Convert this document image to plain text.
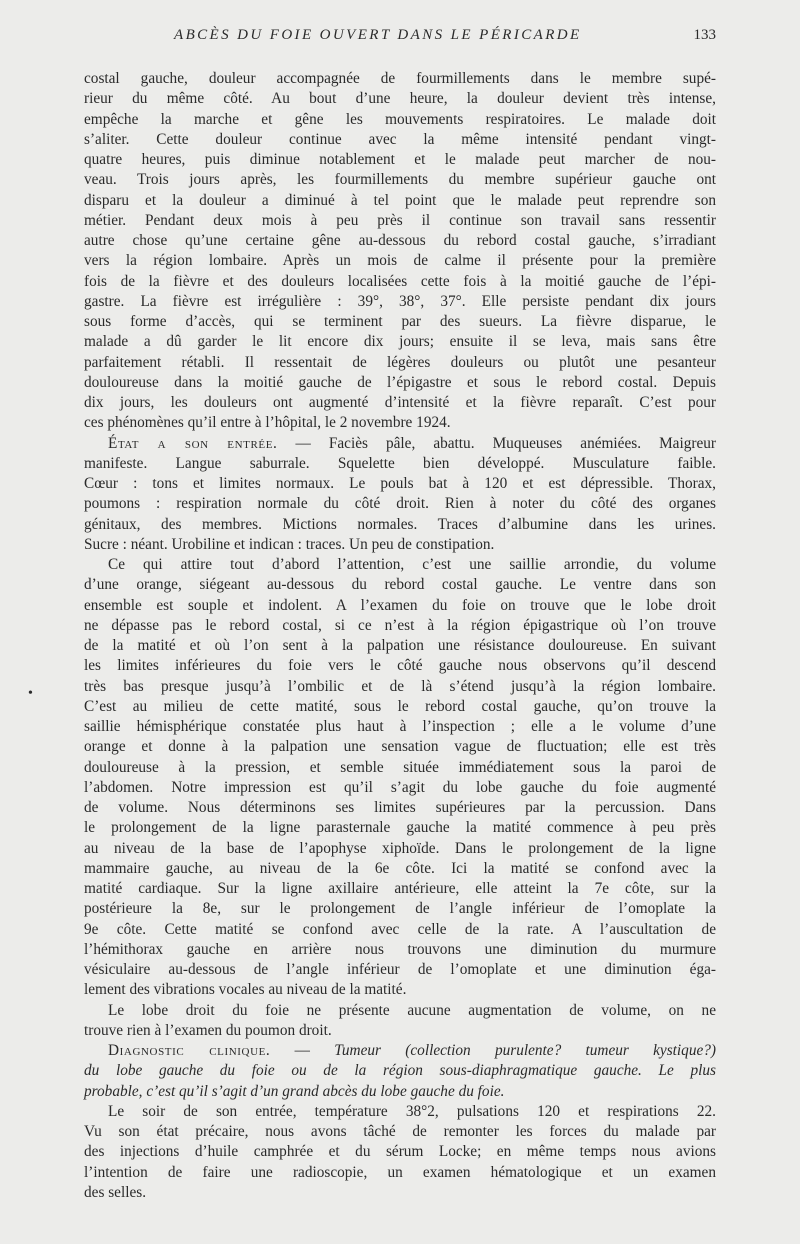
ABCÈS DU FOIE OUVERT DANS LE PÉRICARDE	133
•
costal gauche, douleur accompagnée de fourmillements dans le membre supé-
rieur du même côté. Au bout d’une heure, la douleur devient très intense,
empêche la marche et gêne les mouvements respiratoires. Le malade doit
s’aliter. Cette douleur continue avec la même intensité pendant vingt-
quatre heures, puis diminue notablement et le malade peut marcher de nou-
veau. Trois jours après, les fourmillements du membre supérieur gauche ont
disparu et la douleur a diminué à tel point que le malade peut reprendre son
métier. Pendant deux mois à peu près il continue son travail sans ressentir
autre chose qu’une certaine gêne au-dessous du rebord costal gauche, s’irradiant
vers la région lombaire. Après un mois de calme il présente pour la première
fois de la fièvre et des douleurs localisées cette fois à la moitié gauche de l’épi-
gastre. La fièvre est irrégulière : 39°, 38°, 37°. Elle persiste pendant dix jours
sous forme d’accès, qui se terminent par des sueurs. La fièvre disparue, le
malade a dû garder le lit encore dix jours; ensuite il se leva, mais sans être
parfaitement rétabli. Il ressentait de légères douleurs ou plutôt une pesanteur
douloureuse dans la moitié gauche de l’épigastre et sous le rebord costal. Depuis
dix jours, les douleurs ont augmenté d’intensité et la fièvre reparaît. C’est pour
ces phénomènes qu’il entre à l’hôpital, le 2 novembre 1924.
État a son entrée. — Faciès pâle, abattu. Muqueuses anémiées. Maigreur
manifeste. Langue saburrale. Squelette bien développé. Musculature faible.
Cœur : tons et limites normaux. Le pouls bat à 120 et est dépressible. Thorax,
poumons : respiration normale du côté droit. Rien à noter du côté des organes
génitaux, des membres. Mictions normales. Traces d’albumine dans les urines.
Sucre : néant. Urobiline et indican : traces. Un peu de constipation.
Ce qui attire tout d’abord l’attention, c’est une saillie arrondie, du volume
d’une orange, siégeant au-dessous du rebord costal gauche. Le ventre dans son
ensemble est souple et indolent. A l’examen du foie on trouve que le lobe droit
ne dépasse pas le rebord costal, si ce n’est à la région épigastrique où l’on trouve
de la matité et où l’on sent à la palpation une résistance douloureuse. En suivant
les limites inférieures du foie vers le côté gauche nous observons qu’il descend
très bas presque jusqu’à l’ombilic et de là s’étend jusqu’à la région lombaire.
C’est au milieu de cette matité, sous le rebord costal gauche, qu’on trouve la
saillie hémisphérique constatée plus haut à l’inspection ; elle a le volume d’une
orange et donne à la palpation une sensation vague de fluctuation; elle est très
douloureuse à la pression, et semble située immédiatement sous la paroi de
l’abdomen. Notre impression est qu’il s’agit du lobe gauche du foie augmenté
de volume. Nous déterminons ses limites supérieures par la percussion. Dans
le prolongement de la ligne parasternale gauche la matité commence à peu près
au niveau de la base de l’apophyse xiphoïde. Dans le prolongement de la ligne
mammaire gauche, au niveau de la 6e côte. Ici la matité se confond avec la
matité cardiaque. Sur la ligne axillaire antérieure, elle atteint la 7e côte, sur la
postérieure la 8e, sur le prolongement de l’angle inférieur de l’omoplate la
9e côte. Cette matité se confond avec celle de la rate. A l’auscultation de
l’hémithorax gauche en arrière nous trouvons une diminution du murmure
vésiculaire au-dessous de l’angle inférieur de l’omoplate et une diminution éga-
lement des vibrations vocales au niveau de la matité.
Le lobe droit du foie ne présente aucune augmentation de volume, on ne
trouve rien à l’examen du poumon droit.
Diagnostic clinique. — Tumeur (collection purulente? tumeur kystique?)
du lobe gauche du foie ou de la région sous-diaphragmatique gauche. Le plus
probable, c’est qu’il s’agit d’un grand abcès du lobe gauche du foie.
Le soir de son entrée, température 38°2, pulsations 120 et respirations 22.
Vu son état précaire, nous avons tâché de remonter les forces du malade par
des injections d’huile camphrée et du sérum Locke; en même temps nous avions
l’intention de faire une radioscopie, un examen hématologique et un examen
des selles.
